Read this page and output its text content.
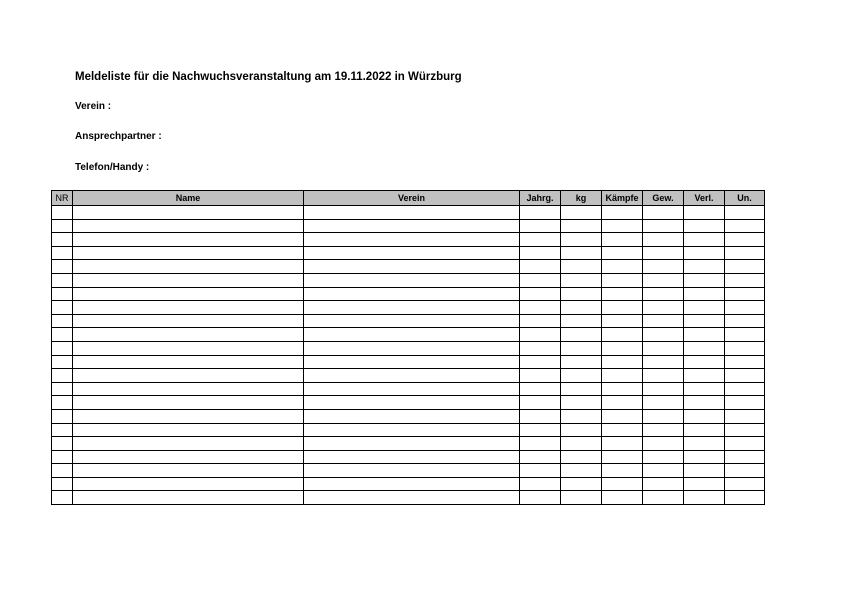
Meldeliste für die Nachwuchsveranstaltung am 19.11.2022 in Würzburg
Verein :
Ansprechpartner :
Telefon/Handy :
NR	Name	Verein	Jahrg.	kg	Kämpfe	Gew.	Verl.	Un.
